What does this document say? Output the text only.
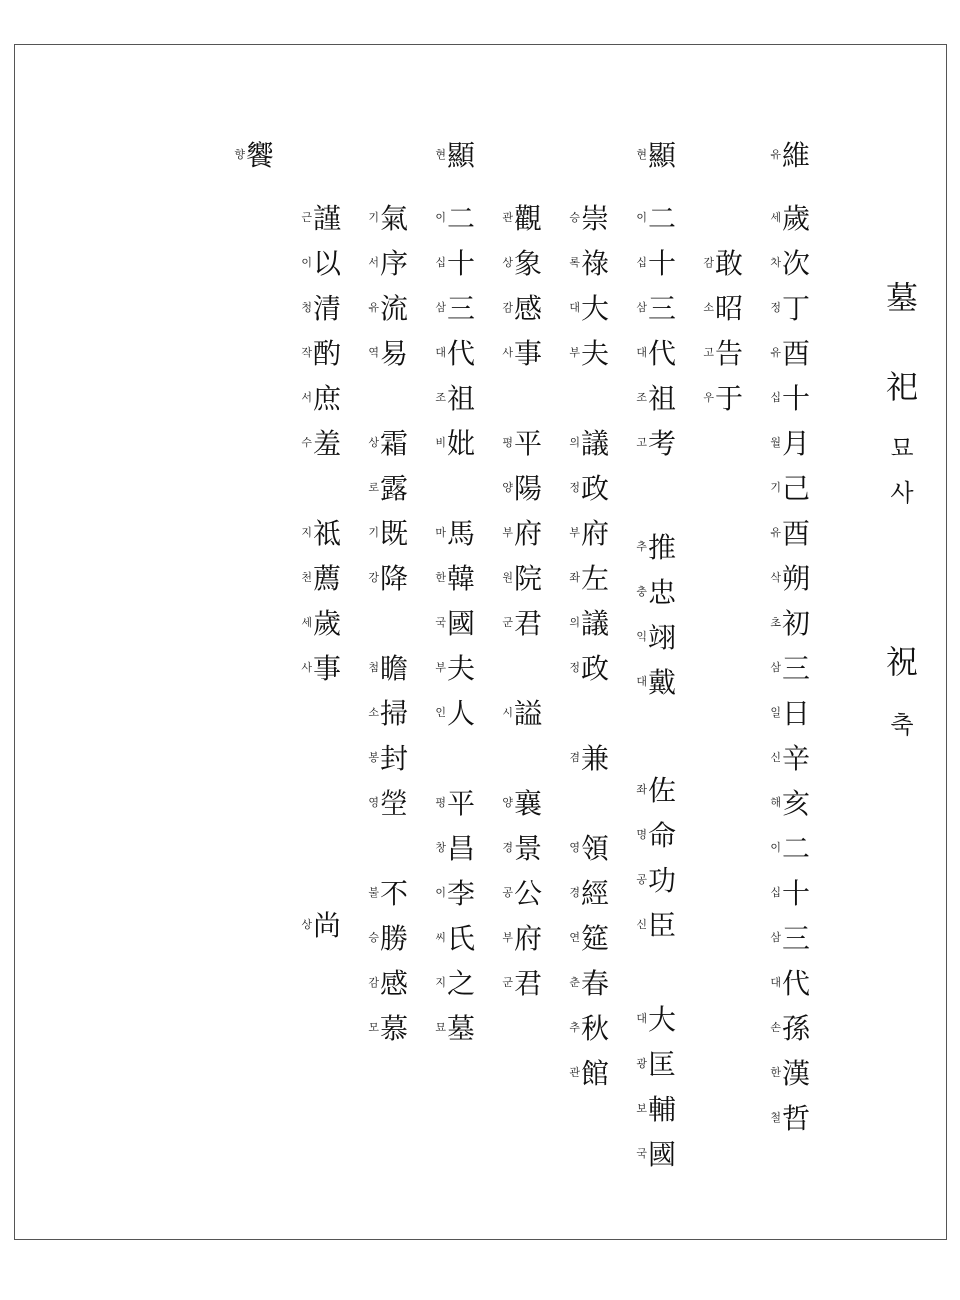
墓
祀
묘
사
祝
축
유 維
세 歲
차 次
정 丁
유 酉
십 十
월 月
기 己
유 酉
삭 朔
초 初
삼 三
일 日
신 辛
해 亥
이 二
십 十
삼 三
대 代
손 孫
한 漢
철 哲
감 敢
소 昭
고 告
우 于
현 顯
이 二
십 十
삼 三
대 代
조 祖
고 考
추 推
충 忠
익 翊
대 戴
좌 佐
명 命
공 功
신 臣
대 大
광 匡
보 輔
국 國
승 崇
록 祿
대 大
부 夫
의 議
정 政
부 府
좌 左
의 議
정 政
겸 兼
영 領
경 經
연 筵
춘 春
추 秋
관 館
관 觀
상 象
감 感
사 事
평 平
양 陽
부 府
원 院
군 君
시 謚
양 襄
경 景
공 公
부 府
군 君
현 顯
이 二
십 十
삼 三
대 代
조 祖
비 妣
마 馬
한 韓
국 國
부 夫
인 人
평 平
창 昌
이 李
씨 氏
지 之
묘 墓
기 氣
서 序
유 流
역 易
상 霜
로 露
기 既
강 降
첨 瞻
소 掃
봉 封
영 塋
불 不
승 勝
감 感
모 慕
근 謹
이 以
청 清
작 酌
서 庶
수 羞
지 祗
천 薦
세 歲
사 事
상 尚
향 饗
